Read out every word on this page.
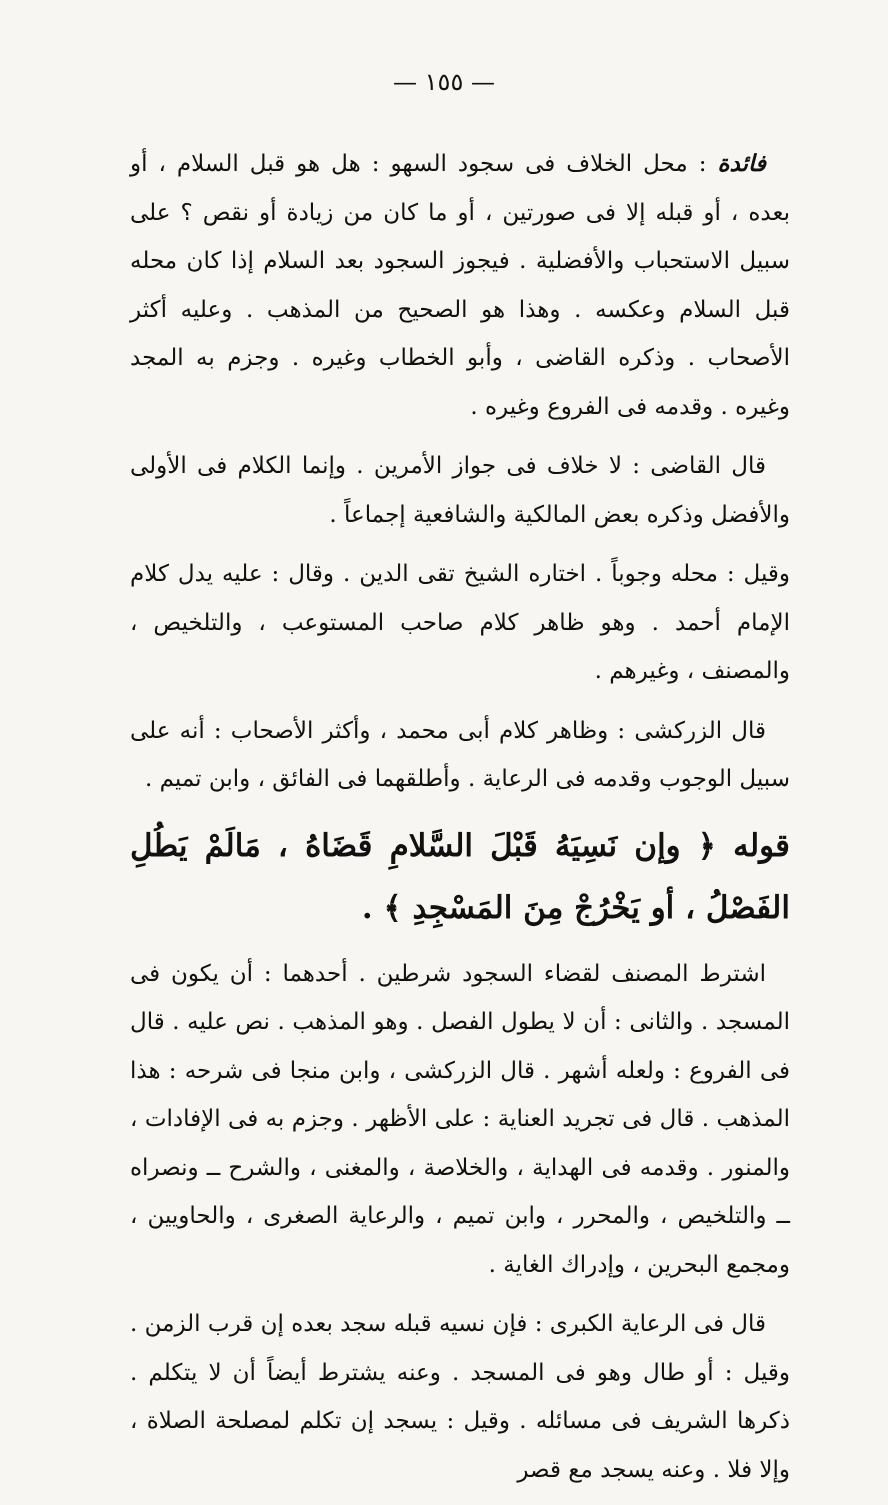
— ١٥٥ —

فائدة : محل الخلاف فى سجود السهو : هل هو قبل السلام ، أو بعده ، أو قبله إلا فى صورتين ، أو ما كان من زيادة أو نقص ؟ على سبيل الاستحباب والأفضلية . فيجوز السجود بعد السلام إذا كان محله قبل السلام وعكسه . وهذا هو الصحيح من المذهب . وعليه أكثر الأصحاب . وذكره القاضى ، وأبو الخطاب وغيره . وجزم به المجد وغيره . وقدمه فى الفروع وغيره .

قال القاضى : لا خلاف فى جواز الأمرين . وإنما الكلام فى الأولى والأفضل وذكره بعض المالكية والشافعية إجماعاً .

وقيل : محله وجوباً . اختاره الشيخ تقى الدين . وقال : عليه يدل كلام الإمام أحمد . وهو ظاهر كلام صاحب المستوعب ، والتلخيص ، والمصنف ، وغيرهم .

قال الزركشى : وظاهر كلام أبى محمد ، وأكثر الأصحاب : أنه على سبيل الوجوب وقدمه فى الرعاية . وأطلقهما فى الفائق ، وابن تميم .

قوله ﴿ وإن نَسِيَهُ قَبْلَ السَّلامِ قَضَاهُ ، مَالَمْ يَطُلِ الفَصْلُ ، أو يَخْرُجْ مِنَ المَسْجِدِ ﴾ .

اشترط المصنف لقضاء السجود شرطين . أحدهما : أن يكون فى المسجد . والثانى : أن لا يطول الفصل . وهو المذهب . نص عليه . قال فى الفروع : ولعله أشهر . قال الزركشى ، وابن منجا فى شرحه : هذا المذهب . قال فى تجريد العناية : على الأظهر . وجزم به فى الإفادات ، والمنور . وقدمه فى الهداية ، والخلاصة ، والمغنى ، والشرح ــ ونصراه ــ والتلخيص ، والمحرر ، وابن تميم ، والرعاية الصغرى ، والحاويين ، ومجمع البحرين ، وإدراك الغاية .

قال فى الرعاية الكبرى : فإن نسيه قبله سجد بعده إن قرب الزمن . وقيل : أو طال وهو فى المسجد . وعنه يشترط أيضاً أن لا يتكلم . ذكرها الشريف فى مسائله . وقيل : يسجد إن تكلم لمصلحة الصلاة ، وإلا فلا . وعنه يسجد مع قصر
